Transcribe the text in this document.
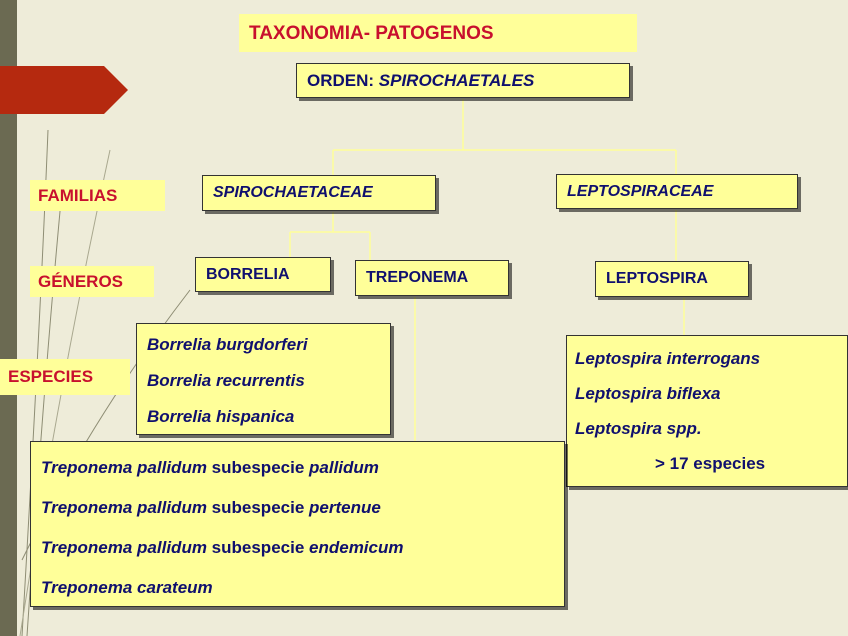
TAXONOMIA- PATOGENOS
ORDEN: SPIROCHAETALES
FAMILIAS
GÉNEROS
ESPECIES
SPIROCHAETACEAE	LEPTOSPIRACEAE
BORRELIA	TREPONEMA	LEPTOSPIRA
Borrelia burgdorferi
Borrelia recurrentis
Borrelia hispanica
Leptospira interrogans
Leptospira biflexa
Leptospira spp.
> 17 especies
Treponema pallidum subespecie pallidum
Treponema pallidum subespecie pertenue
Treponema pallidum subespecie endemicum
Treponema carateum
